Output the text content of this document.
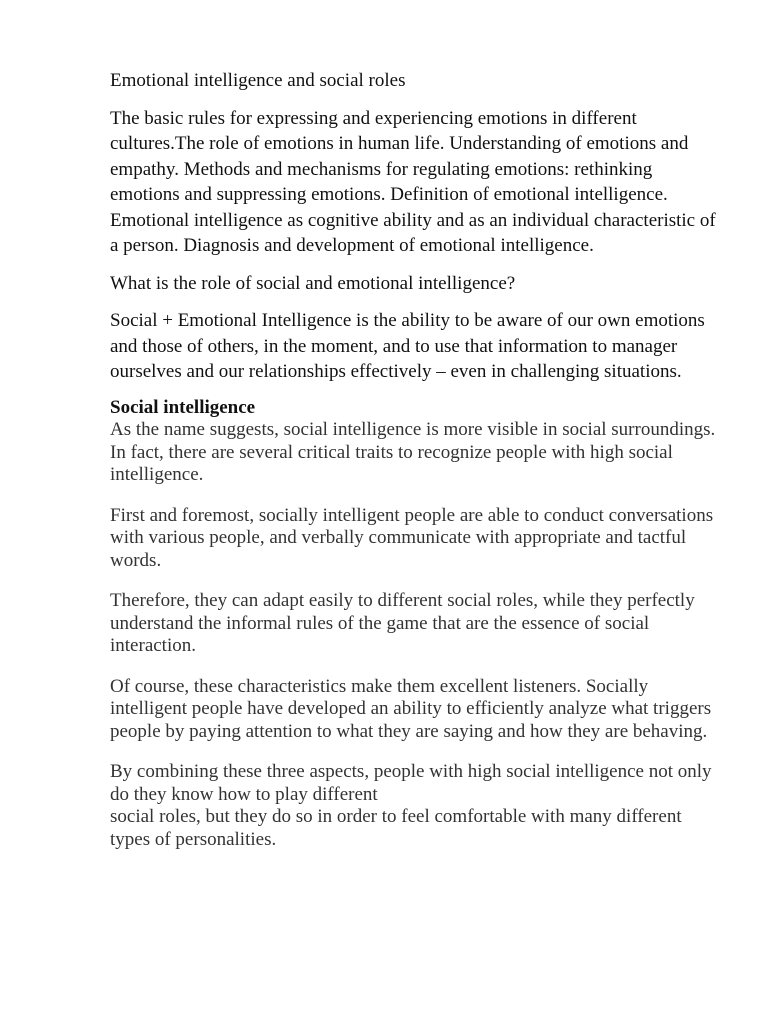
Emotional intelligence and social roles

The basic rules for expressing and experiencing emotions in different cultures.The role of emotions in human life. Understanding of emotions and empathy. Methods and mechanisms for regulating emotions: rethinking emotions and suppressing emotions. Definition of emotional intelligence. Emotional intelligence as cognitive ability and as an individual characteristic of a person. Diagnosis and development of emotional intelligence.

What is the role of social and emotional intelligence?

Social + Emotional Intelligence is the ability to be aware of our own emotions and those of others, in the moment, and to use that information to manager ourselves and our relationships effectively – even in challenging situations.

Social intelligence

As the name suggests, social intelligence is more visible in social surroundings. In fact, there are several critical traits to recognize people with high social intelligence.

First and foremost, socially intelligent people are able to conduct conversations with various people, and verbally communicate with appropriate and tactful words.

Therefore, they can adapt easily to different social roles, while they perfectly understand the informal rules of the game that are the essence of social interaction.

Of course, these characteristics make them excellent listeners. Socially intelligent people have developed an ability to efficiently analyze what triggers people by paying attention to what they are saying and how they are behaving.

By combining these three aspects, people with high social intelligence not only do they know how to play different
social roles, but they do so in order to feel comfortable with many different types of personalities.
